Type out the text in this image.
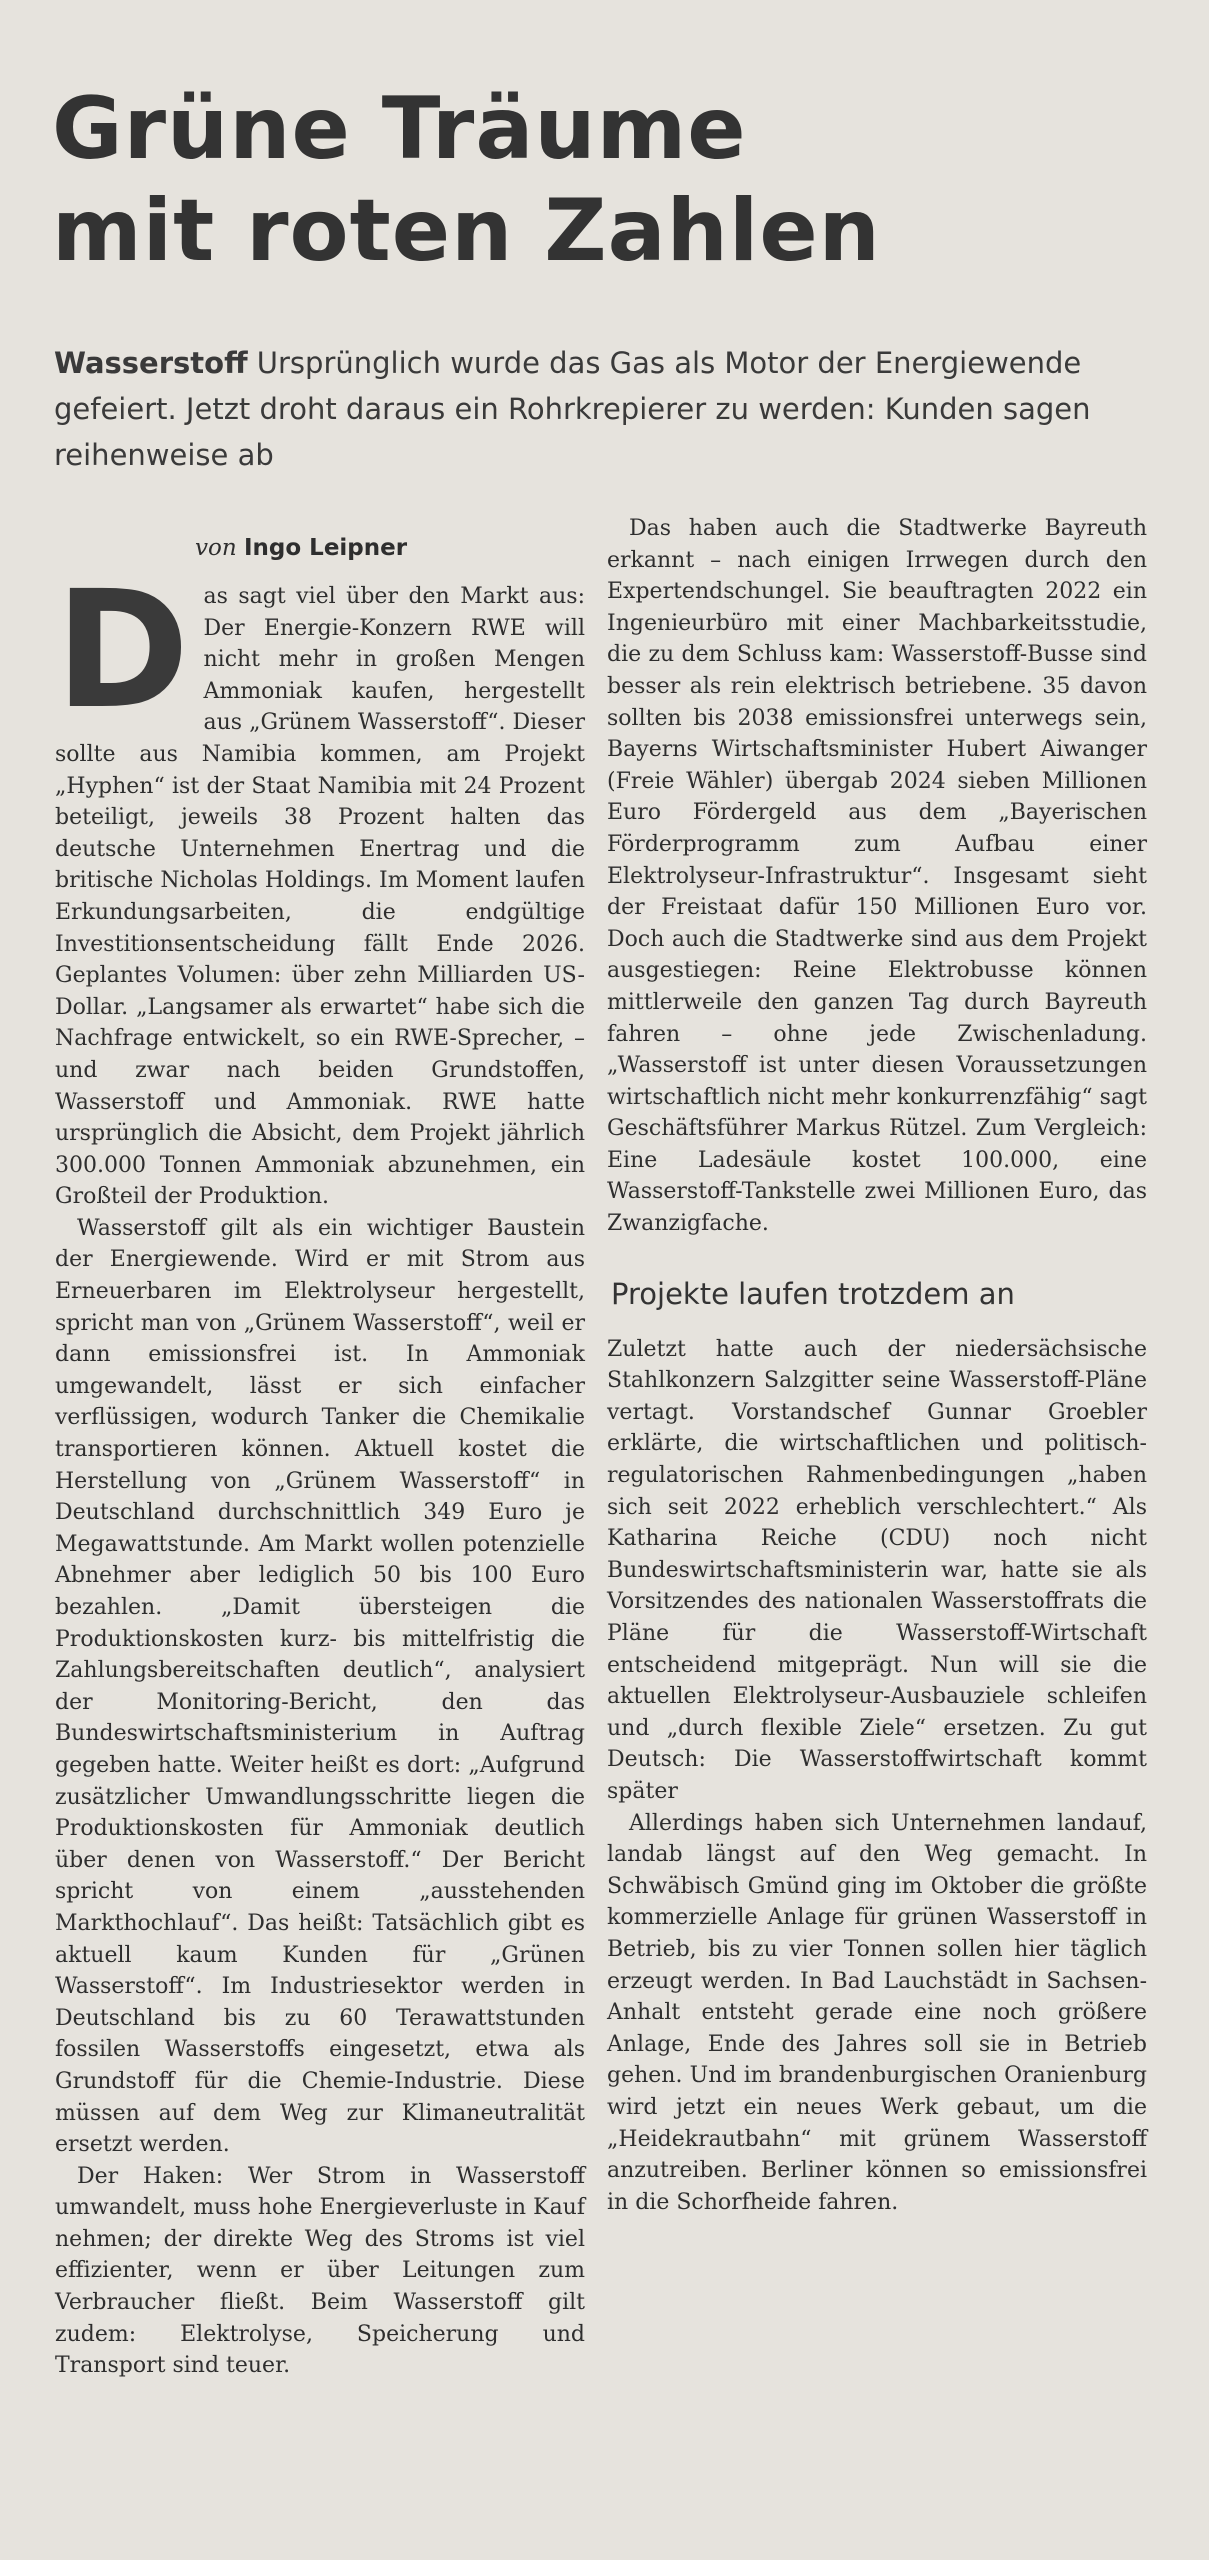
Grüne Träume
mit roten Zahlen
Wasserstoff Ursprünglich wurde das Gas als Motor der Energiewende gefeiert. Jetzt droht daraus ein Rohrkrepierer zu werden: Kunden sagen reihenweise ab
von Ingo Leipner

Das sagt viel über den Markt aus: Der Energie-Konzern RWE will nicht mehr in großen Mengen Ammoniak kaufen, hergestellt aus „Grünem Wasserstoff“. Dieser sollte aus Namibia kommen, am Projekt „Hyphen“ ist der Staat Namibia mit 24 Prozent beteiligt, jeweils 38 Prozent halten das deutsche Unternehmen Enertrag und die britische Nicholas Holdings. Im Moment laufen Erkundungsarbeiten, die endgültige Investitionsentscheidung fällt Ende 2026. Geplantes Volumen: über zehn Milliarden US-Dollar. „Langsamer als erwartet“ habe sich die Nachfrage entwickelt, so ein RWE-Sprecher, – und zwar nach beiden Grundstoffen, Wasserstoff und Ammoniak. RWE hatte ursprünglich die Absicht, dem Projekt jährlich 300.000 Tonnen Ammoniak abzunehmen, ein Großteil der Produktion.

Wasserstoff gilt als ein wichtiger Baustein der Energiewende. Wird er mit Strom aus Erneuerbaren im Elektrolyseur hergestellt, spricht man von „Grünem Wasserstoff“, weil er dann emissionsfrei ist. In Ammoniak umgewandelt, lässt er sich einfacher verflüssigen, wodurch Tanker die Chemikalie transportieren können. Aktuell kostet die Herstellung von „Grünem Wasserstoff“ in Deutschland durchschnittlich 349 Euro je Megawattstunde. Am Markt wollen potenzielle Abnehmer aber lediglich 50 bis 100 Euro bezahlen. „Damit übersteigen die Produktionskosten kurz- bis mittelfristig die Zahlungsbereitschaften deutlich“, analysiert der Monitoring-Bericht, den das Bundeswirtschaftsministerium in Auftrag gegeben hatte. Weiter heißt es dort: „Aufgrund zusätzlicher Umwandlungsschritte liegen die Produktionskosten für Ammoniak deutlich über denen von Wasserstoff.“ Der Bericht spricht von einem „ausstehenden Markthochlauf“. Das heißt: Tatsächlich gibt es aktuell kaum Kunden für „Grünen Wasserstoff“. Im Industriesektor werden in Deutschland bis zu 60 Terawattstunden fossilen Wasserstoffs eingesetzt, etwa als Grundstoff für die Chemie-Industrie. Diese müssen auf dem Weg zur Klimaneutralität ersetzt werden.

Der Haken: Wer Strom in Wasserstoff umwandelt, muss hohe Energieverluste in Kauf nehmen; der direkte Weg des Stroms ist viel effizienter, wenn er über Leitungen zum Verbraucher fließt. Beim Wasserstoff gilt zudem: Elektrolyse, Speicherung und Transport sind teuer.

Das haben auch die Stadtwerke Bayreuth erkannt – nach einigen Irrwegen durch den Expertendschungel. Sie beauftragten 2022 ein Ingenieurbüro mit einer Machbarkeitsstudie, die zu dem Schluss kam: Wasserstoff-Busse sind besser als rein elektrisch betriebene. 35 davon sollten bis 2038 emissionsfrei unterwegs sein, Bayerns Wirtschaftsminister Hubert Aiwanger (Freie Wähler) übergab 2024 sieben Millionen Euro Fördergeld aus dem „Bayerischen Förderprogramm zum Aufbau einer Elektrolyseur-Infrastruktur“. Insgesamt sieht der Freistaat dafür 150 Millionen Euro vor. Doch auch die Stadtwerke sind aus dem Projekt ausgestiegen: Reine Elektrobusse können mittlerweile den ganzen Tag durch Bayreuth fahren – ohne jede Zwischenladung. „Wasserstoff ist unter diesen Voraussetzungen wirtschaftlich nicht mehr konkurrenzfähig“ sagt Geschäftsführer Markus Rützel. Zum Vergleich: Eine Ladesäule kostet 100.000, eine Wasserstoff-Tankstelle zwei Millionen Euro, das Zwanzigfache.

Projekte laufen trotzdem an

Zuletzt hatte auch der niedersächsische Stahlkonzern Salzgitter seine Wasserstoff-Pläne vertagt. Vorstandschef Gunnar Groebler erklärte, die wirtschaftlichen und politisch-regulatorischen Rahmenbedingungen „haben sich seit 2022 erheblich verschlechtert.“ Als Katharina Reiche (CDU) noch nicht Bundeswirtschaftsministerin war, hatte sie als Vorsitzendes des nationalen Wasserstoffrats die Pläne für die Wasserstoff-Wirtschaft entscheidend mitgeprägt. Nun will sie die aktuellen Elektrolyseur-Ausbauziele schleifen und „durch flexible Ziele“ ersetzen. Zu gut Deutsch: Die Wasserstoffwirtschaft kommt später

Allerdings haben sich Unternehmen landauf, landab längst auf den Weg gemacht. In Schwäbisch Gmünd ging im Oktober die größte kommerzielle Anlage für grünen Wasserstoff in Betrieb, bis zu vier Tonnen sollen hier täglich erzeugt werden. In Bad Lauchstädt in Sachsen-Anhalt entsteht gerade eine noch größere Anlage, Ende des Jahres soll sie in Betrieb gehen. Und im brandenburgischen Oranienburg wird jetzt ein neues Werk gebaut, um die „Heidekrautbahn“ mit grünem Wasserstoff anzutreiben. Berliner können so emissionsfrei in die Schorfheide fahren.
